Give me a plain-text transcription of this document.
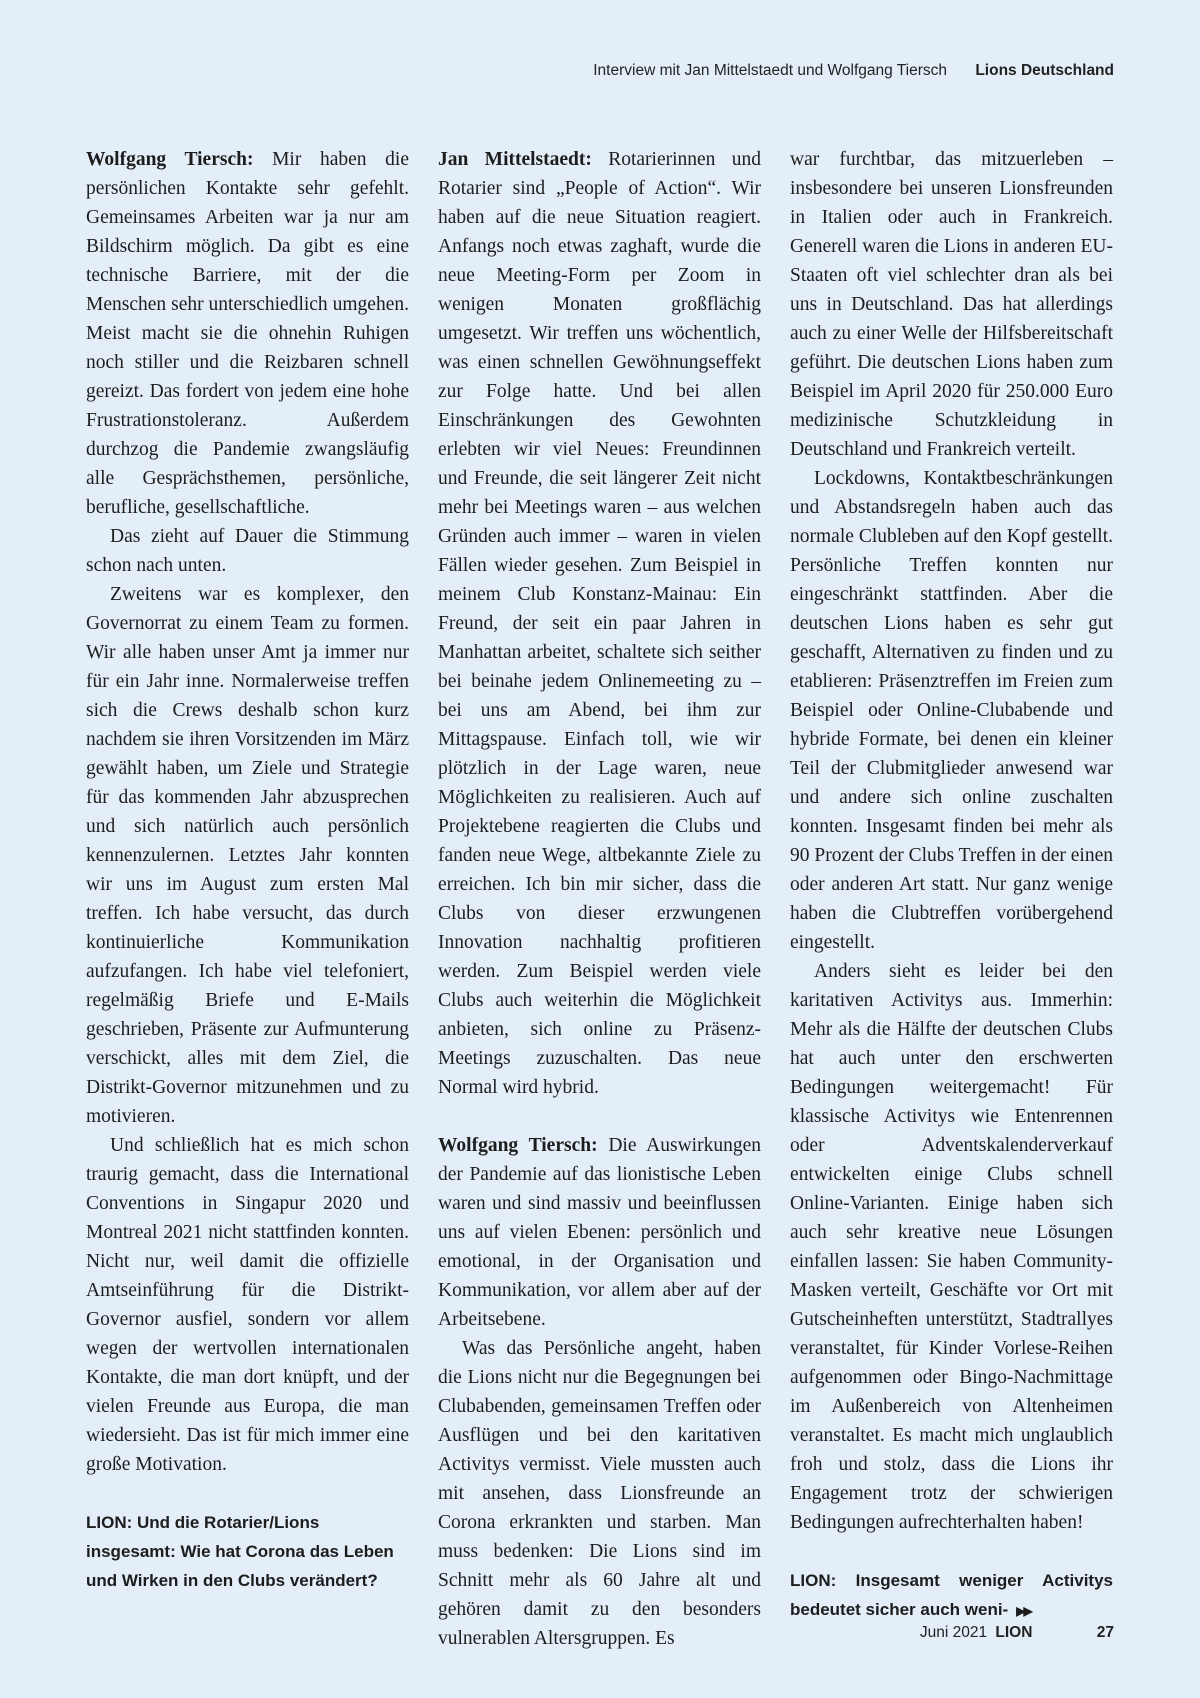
Interview mit Jan Mittelstaedt und Wolfgang Tiersch Lions Deutschland

Wolfgang Tiersch: Mir haben die persönlichen Kontakte sehr gefehlt. Gemeinsames Arbeiten war ja nur am Bildschirm möglich. Da gibt es eine technische Barriere, mit der die Menschen sehr unterschiedlich umgehen. Meist macht sie die ohnehin Ruhigen noch stiller und die Reizbaren schnell gereizt. Das fordert von jedem eine hohe Frustrationstoleranz. Außerdem durchzog die Pandemie zwangsläufig alle Gesprächsthemen, persönliche, berufliche, gesellschaftliche.

Das zieht auf Dauer die Stimmung schon nach unten.

Zweitens war es komplexer, den Governorrat zu einem Team zu formen. Wir alle haben unser Amt ja immer nur für ein Jahr inne. Normalerweise treffen sich die Crews deshalb schon kurz nachdem sie ihren Vorsitzenden im März gewählt haben, um Ziele und Strategie für das kommenden Jahr abzusprechen und sich natürlich auch persönlich kennenzulernen. Letztes Jahr konnten wir uns im August zum ersten Mal treffen. Ich habe versucht, das durch kontinuierliche Kommunikation aufzufangen. Ich habe viel telefoniert, regelmäßig Briefe und E-Mails geschrieben, Präsente zur Aufmunterung verschickt, alles mit dem Ziel, die Distrikt-Governor mitzunehmen und zu motivieren.

Und schließlich hat es mich schon traurig gemacht, dass die International Conventions in Singapur 2020 und Montreal 2021 nicht stattfinden konnten. Nicht nur, weil damit die offizielle Amtseinführung für die Distrikt-Governor ausfiel, sondern vor allem wegen der wertvollen internationalen Kontakte, die man dort knüpft, und der vielen Freunde aus Europa, die man wiedersieht. Das ist für mich immer eine große Motivation.

LION: Und die Rotarier/Lions insgesamt: Wie hat Corona das Leben und Wirken in den Clubs verändert?

Jan Mittelstaedt: Rotarierinnen und Rotarier sind „People of Action“. Wir haben auf die neue Situation reagiert. Anfangs noch etwas zaghaft, wurde die neue Meeting-Form per Zoom in wenigen Monaten großflächig umgesetzt. Wir treffen uns wöchentlich, was einen schnellen Gewöhnungseffekt zur Folge hatte. Und bei allen Einschränkungen des Gewohnten erlebten wir viel Neues: Freundinnen und Freunde, die seit längerer Zeit nicht mehr bei Meetings waren – aus welchen Gründen auch immer – waren in vielen Fällen wieder gesehen. Zum Beispiel in meinem Club Konstanz-Mainau: Ein Freund, der seit ein paar Jahren in Manhattan arbeitet, schaltete sich seither bei beinahe jedem Onlinemeeting zu – bei uns am Abend, bei ihm zur Mittagspause. Einfach toll, wie wir plötzlich in der Lage waren, neue Möglichkeiten zu realisieren. Auch auf Projektebene reagierten die Clubs und fanden neue Wege, altbekannte Ziele zu erreichen. Ich bin mir sicher, dass die Clubs von dieser erzwungenen Innovation nachhaltig profitieren werden. Zum Beispiel werden viele Clubs auch weiterhin die Möglichkeit anbieten, sich online zu Präsenz-Meetings zuzuschalten. Das neue Normal wird hybrid.

Wolfgang Tiersch: Die Auswirkungen der Pandemie auf das lionistische Leben waren und sind massiv und beeinflussen uns auf vielen Ebenen: persönlich und emotional, in der Organisation und Kommunikation, vor allem aber auf der Arbeitsebene.

Was das Persönliche angeht, haben die Lions nicht nur die Begegnungen bei Clubabenden, gemeinsamen Treffen oder Ausflügen und bei den karitativen Activitys vermisst. Viele mussten auch mit ansehen, dass Lionsfreunde an Corona erkrankten und starben. Man muss bedenken: Die Lions sind im Schnitt mehr als 60 Jahre alt und gehören damit zu den besonders vulnerablen Altersgruppen. Es

war furchtbar, das mitzuerleben – insbesondere bei unseren Lionsfreunden in Italien oder auch in Frankreich. Generell waren die Lions in anderen EU-Staaten oft viel schlechter dran als bei uns in Deutschland. Das hat allerdings auch zu einer Welle der Hilfsbereitschaft geführt. Die deutschen Lions haben zum Beispiel im April 2020 für 250.000 Euro medizinische Schutzkleidung in Deutschland und Frankreich verteilt.

Lockdowns, Kontaktbeschränkungen und Abstandsregeln haben auch das normale Clubleben auf den Kopf gestellt. Persönliche Treffen konnten nur eingeschränkt stattfinden. Aber die deutschen Lions haben es sehr gut geschafft, Alternativen zu finden und zu etablieren: Präsenztreffen im Freien zum Beispiel oder Online-Clubabende und hybride Formate, bei denen ein kleiner Teil der Clubmitglieder anwesend war und andere sich online zuschalten konnten. Insgesamt finden bei mehr als 90 Prozent der Clubs Treffen in der einen oder anderen Art statt. Nur ganz wenige haben die Clubtreffen vorübergehend eingestellt.

Anders sieht es leider bei den karitativen Activitys aus. Immerhin: Mehr als die Hälfte der deutschen Clubs hat auch unter den erschwerten Bedingungen weitergemacht! Für klassische Activitys wie Entenrennen oder Adventskalenderverkauf entwickelten einige Clubs schnell Online-Varianten. Einige haben sich auch sehr kreative neue Lösungen einfallen lassen: Sie haben Community-Masken verteilt, Geschäfte vor Ort mit Gutscheinheften unterstützt, Stadtrallyes veranstaltet, für Kinder Vorlese-Reihen aufgenommen oder Bingo-Nachmittage im Außenbereich von Altenheimen veranstaltet. Es macht mich unglaublich froh und stolz, dass die Lions ihr Engagement trotz der schwierigen Bedingungen aufrechterhalten haben!

LION: Insgesamt weniger Activitys bedeutet sicher auch weni- ▶▶

Juni 2021 LION	27
